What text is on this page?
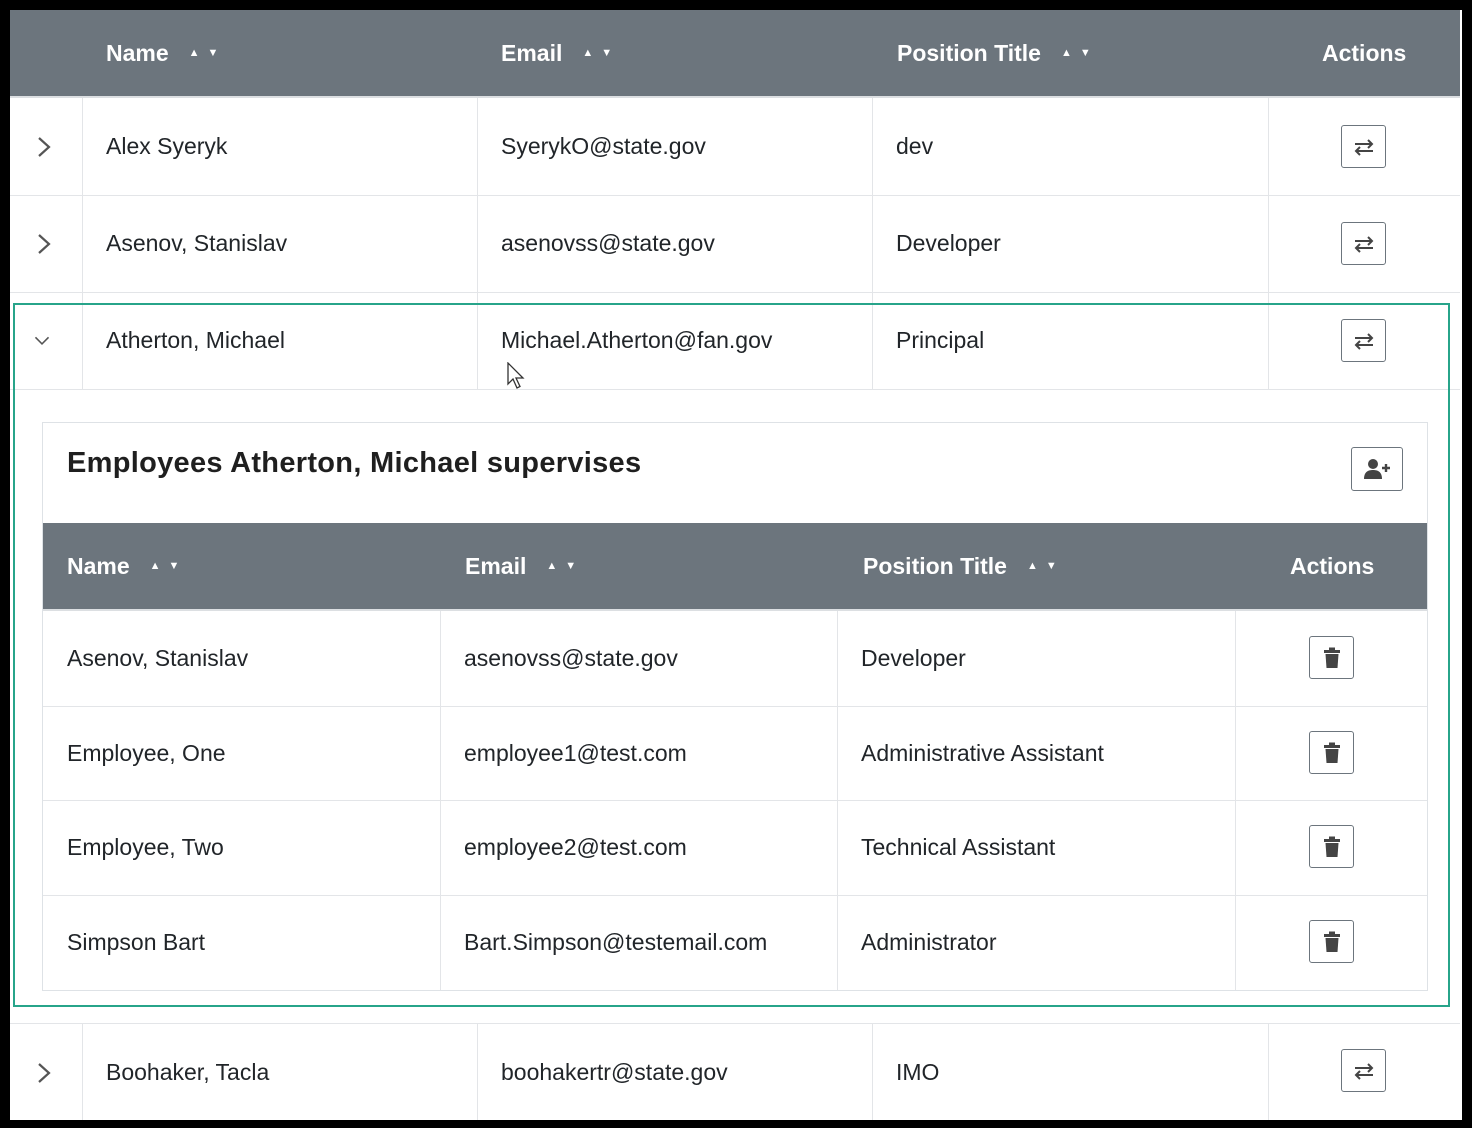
Name ▲ ▼	Email ▲ ▼	Position Title ▲ ▼	Actions
Alex Syeryk	SyerykO@state.gov	dev
Asenov, Stanislav	asenovss@state.gov	Developer
Atherton, Michael	Michael.Atherton@fan.gov	Principal
Employees Atherton, Michael supervises
Name ▲ ▼	Email ▲ ▼	Position Title ▲ ▼	Actions
Asenov, Stanislav	asenovss@state.gov	Developer
Employee, One	employee1@test.com	Administrative Assistant
Employee, Two	employee2@test.com	Technical Assistant
Simpson Bart	Bart.Simpson@testemail.com	Administrator
Boohaker, Tacla	boohakertr@state.gov	IMO
